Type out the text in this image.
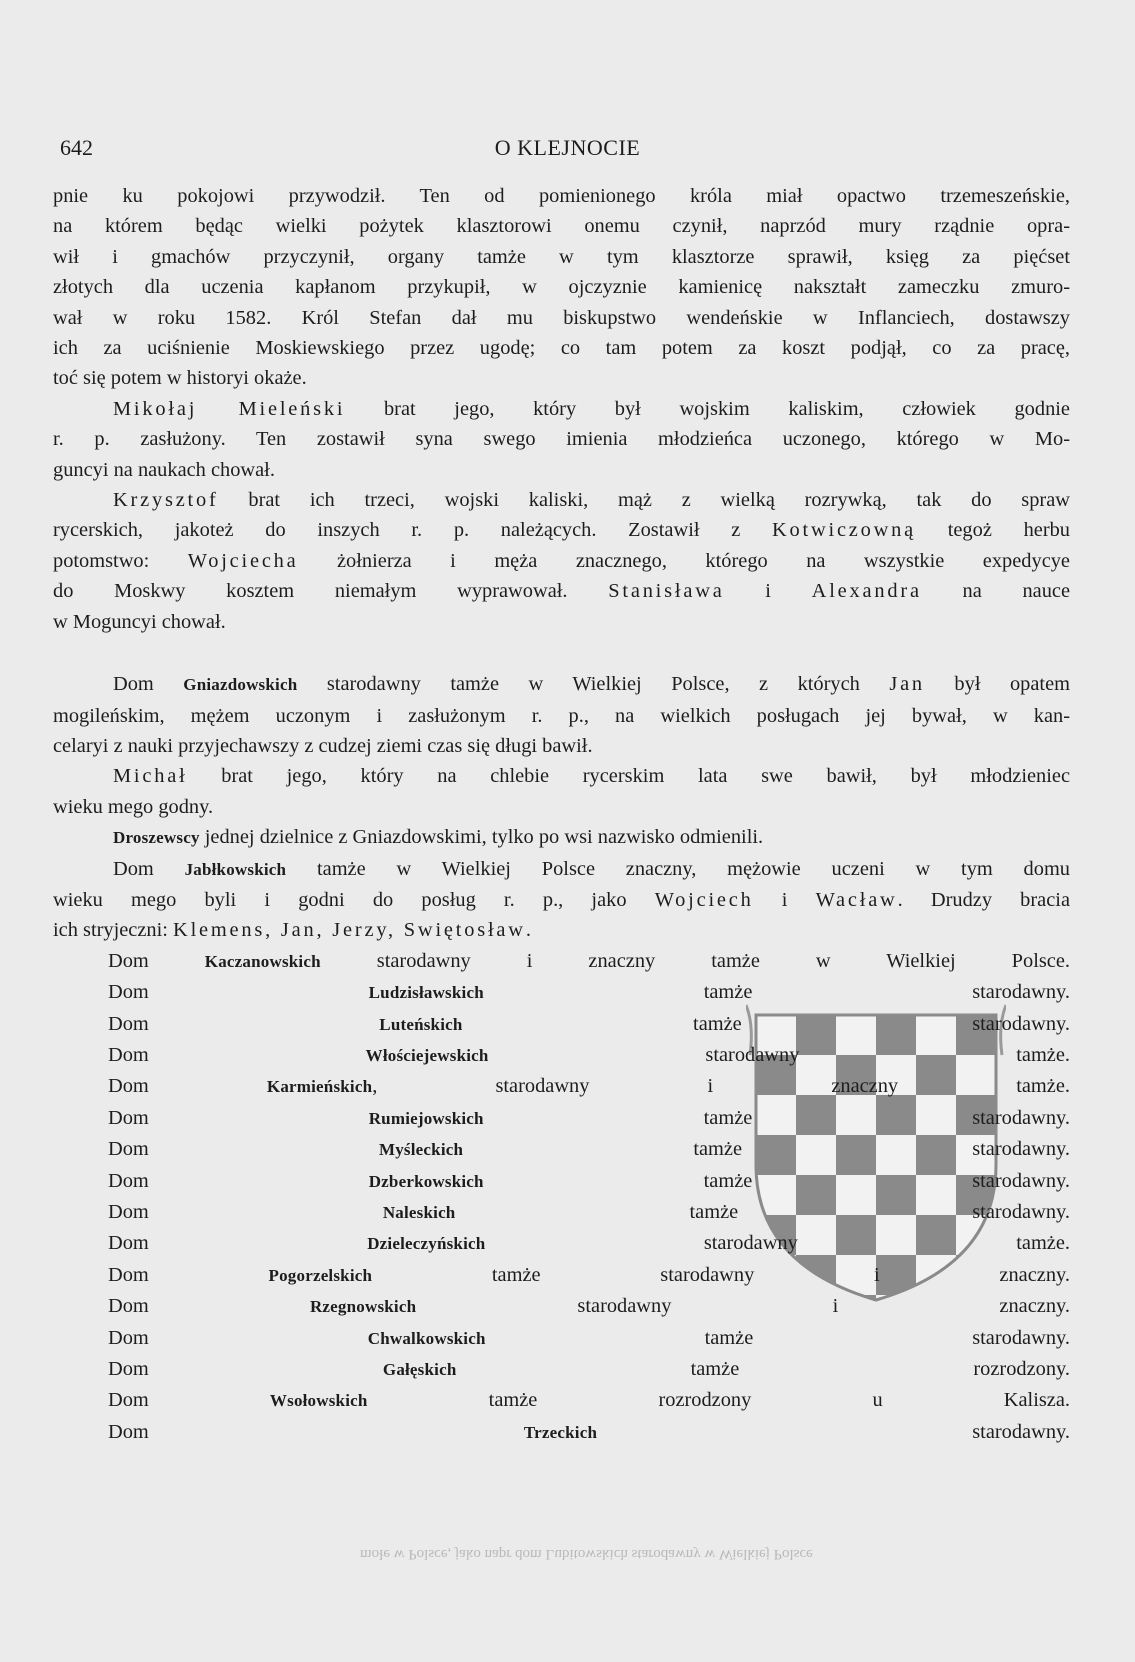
642	O KLEJNOCIE

pnie ku pokojowi przywodził. Ten od pomienionego króla miał opactwo trzemeszeńskie,

na którem będąc wielki pożytek klasztorowi onemu czynił, naprzód mury rządnie opra-

wił i gmachów przyczynił, organy tamże w tym klasztorze sprawił, księg za pięćset

złotych dla uczenia kapłanom przykupił, w ojczyznie kamienicę nakształt zameczku zmuro-

wał w roku 1582. Król Stefan dał mu biskupstwo wendeńskie w Inflanciech, dostawszy

ich za uciśnienie Moskiewskiego przez ugodę; co tam potem za koszt podjął, co za pracę,

toć się potem w historyi okaże.

Mikołaj Mieleński brat jego, który był wojskim kaliskim, człowiek godnie

r. p. zasłużony. Ten zostawił syna swego imienia młodzieńca uczonego, którego w Mo-

guncyi na naukach chował.

Krzysztof brat ich trzeci, wojski kaliski, mąż z wielką rozrywką, tak do spraw

rycerskich, jakoteż do inszych r. p. należących. Zostawił z Kotwiczowną tegoż herbu

potomstwo: Wojciecha żołnierza i męża znacznego, którego na wszystkie expedycye

do Moskwy kosztem niemałym wyprawował. Stanisława i Alexandra na nauce

w Moguncyi chował.

Dom Gniazdowskich starodawny tamże w Wielkiej Polsce, z których Jan był opatem

mogileńskim, mężem uczonym i zasłużonym r. p., na wielkich posługach jej bywał, w kan-

celaryi z nauki przyjechawszy z cudzej ziemi czas się długi bawił.

Michał brat jego, który na chlebie rycerskim lata swe bawił, był młodzieniec

wieku mego godny.

Droszewscy jednej dzielnice z Gniazdowskimi, tylko po wsi nazwisko odmienili.

Dom Jabłkowskich tamże w Wielkiej Polsce znaczny, mężowie uczeni w tym domu

wieku mego byli i godni do posług r. p., jako Wojciech i Wacław. Drudzy bracia

ich stryjeczni: Klemens, Jan, Jerzy, Swiętosław.

Dom Kaczanowskich starodawny i znaczny tamże w Wielkiej Polsce.

Dom Ludzisławskich tamże starodawny.

Dom Luteńskich tamże starodawny.

Dom Włościejewskich starodawny tamże.

Dom Karmieńskich, starodawny i znaczny tamże.

Dom Rumiejowskich tamże starodawny.

Dom Myśleckich tamże starodawny.

Dom Dzberkowskich tamże starodawny.

Dom Naleskich tamże starodawny.

Dom Dzieleczyńskich starodawny tamże.

Dom Pogorzelskich tamże starodawny i znaczny.

Dom Rzegnowskich starodawny i znaczny.

Dom Chwalkowskich tamże starodawny.

Dom Gałęskich tamże rozrodzony.

Dom Wsołowskich tamże rozrodzony u Kalisza.

Dom Trzeckich starodawny.

mołe w Polsce, jako napr dom Lubitowskich starodawny w Wielkiej Polsce
